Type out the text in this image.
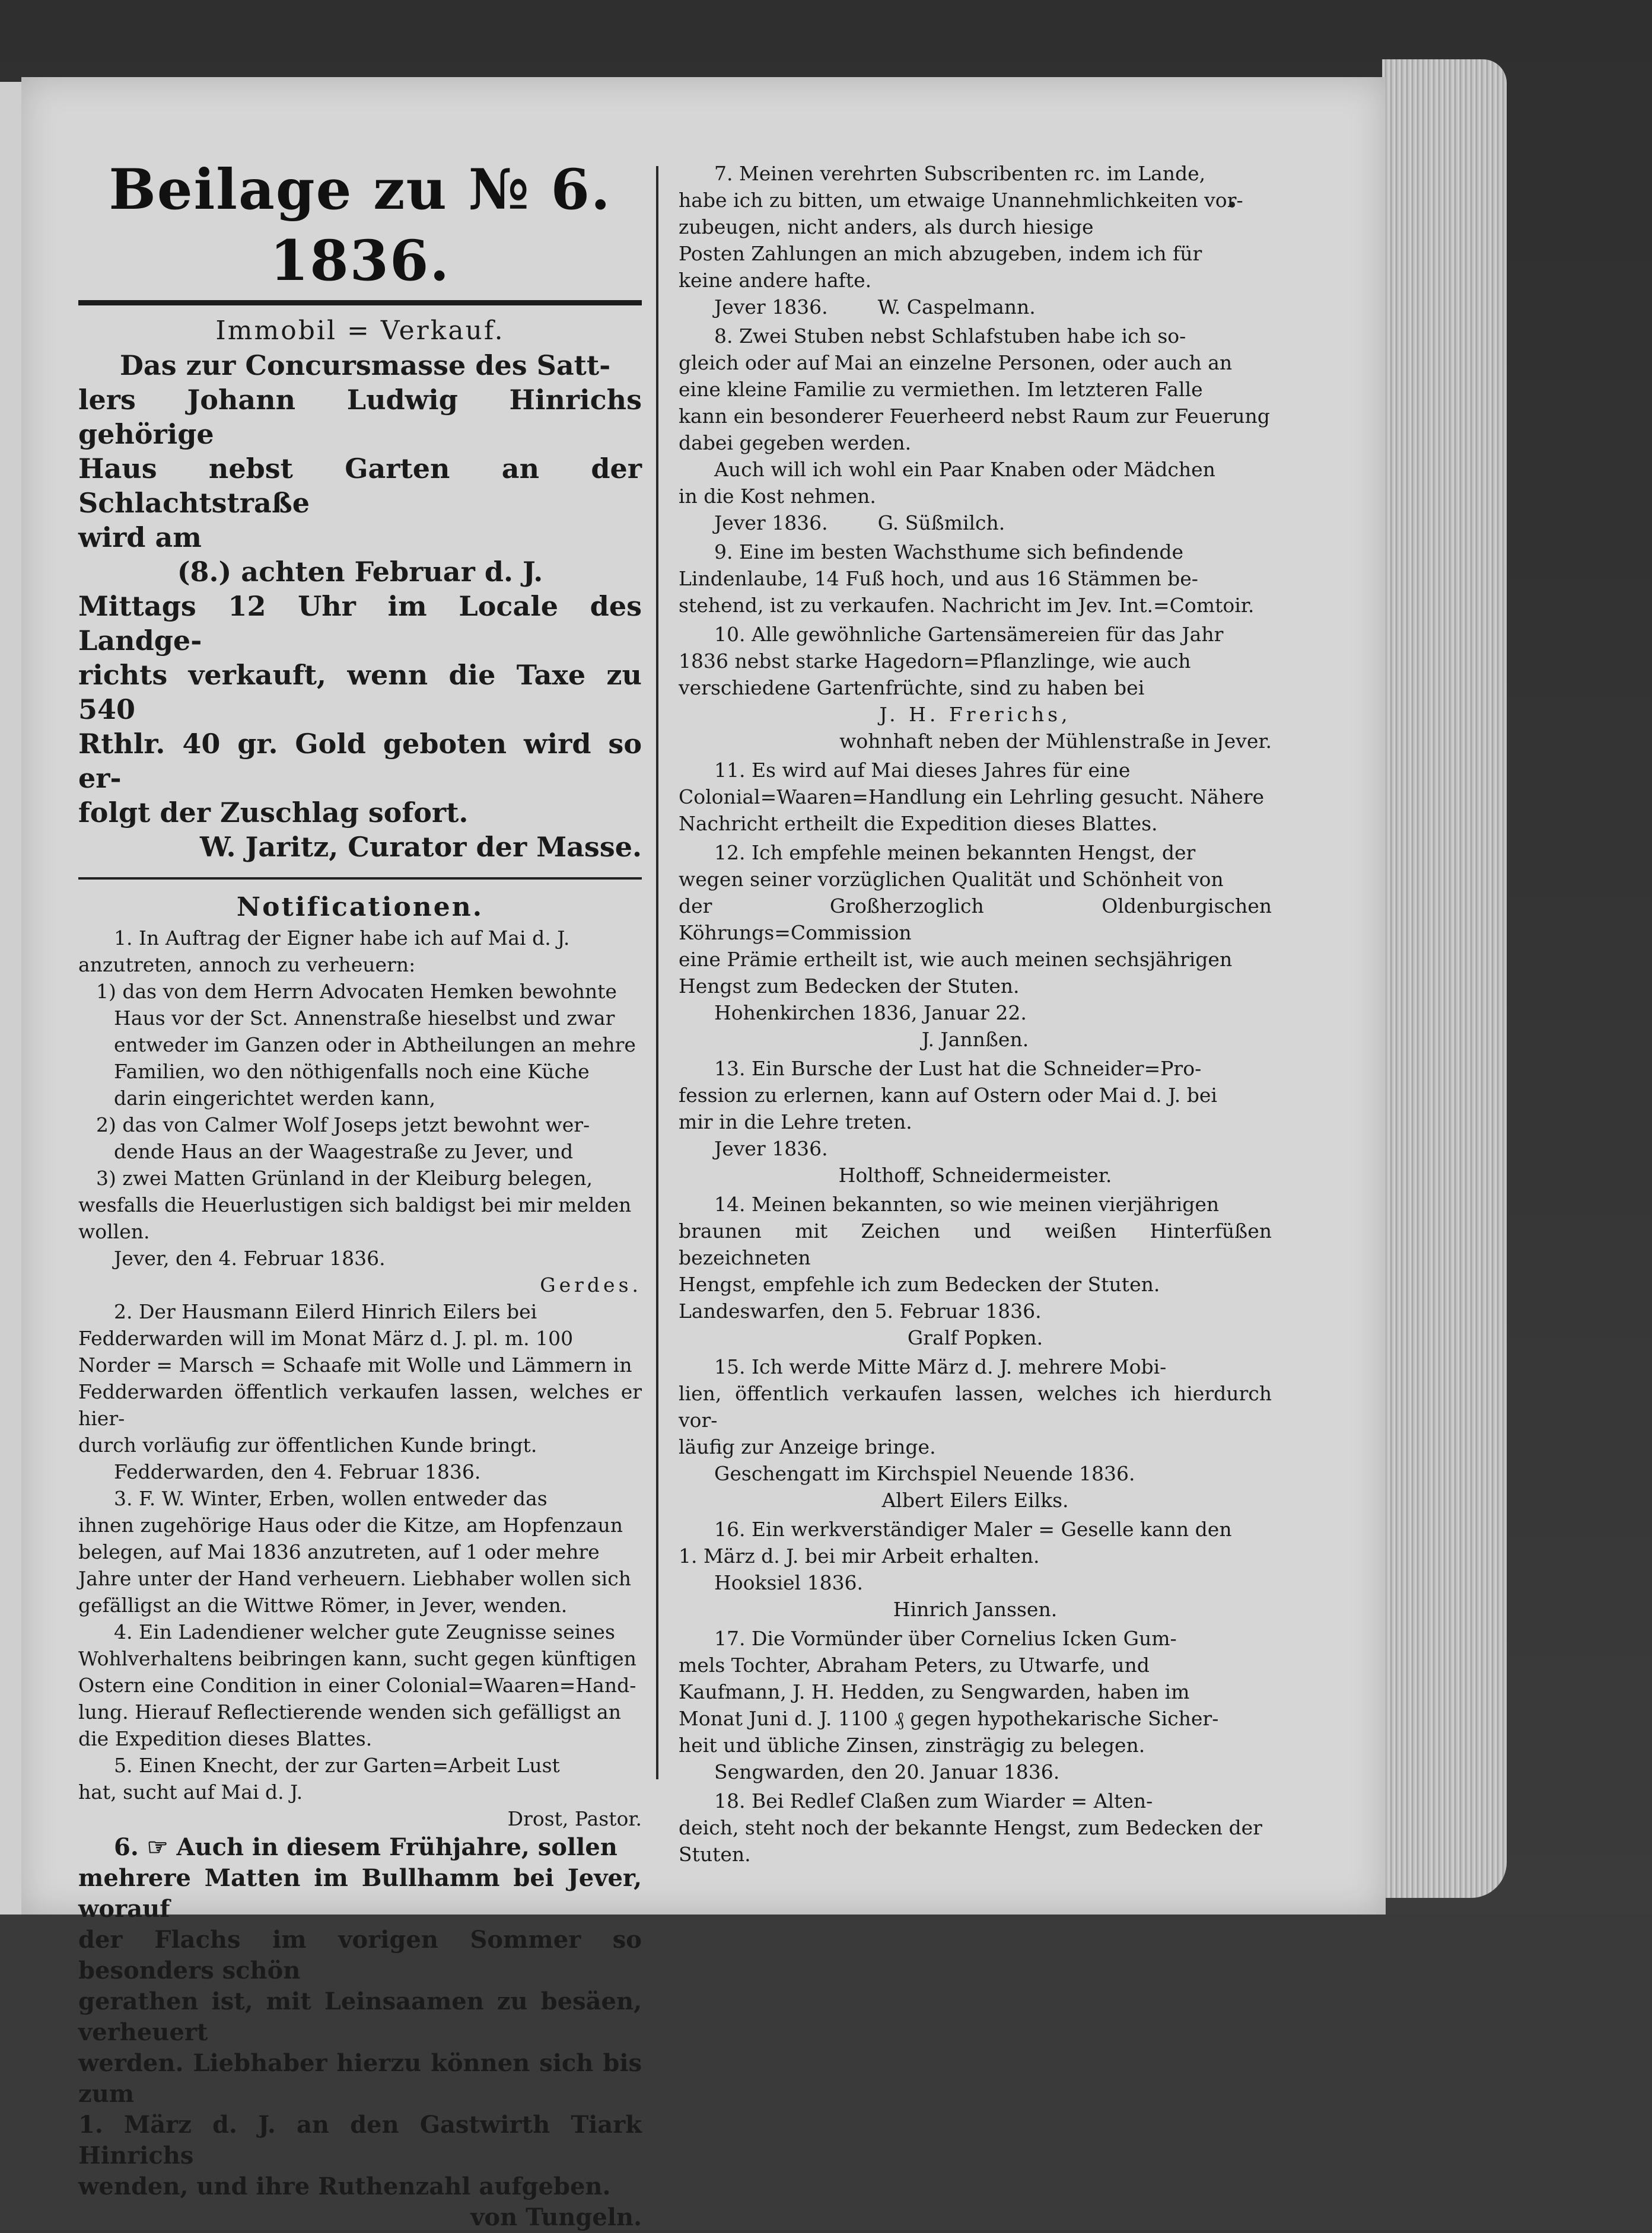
Beilage zu № 6. 1836.
Immobil = Verkauf.
Das zur Concursmasse des Satt-
lers Johann Ludwig Hinrichs gehörige
Haus nebst Garten an der Schlachtstraße
wird am
(8.) achten Februar d. J.
Mittags 12 Uhr im Locale des Landge-
richts verkauft, wenn die Taxe zu 540
Rthlr. 40 gr. Gold geboten wird so er-
folgt der Zuschlag sofort.
W. Jaritz, Curator der Masse.
Notificationen.
1. In Auftrag der Eigner habe ich auf Mai d. J.
anzutreten, annoch zu verheuern:
1) das von dem Herrn Advocaten Hemken bewohnte
Haus vor der Sct. Annenstraße hieselbst und zwar
entweder im Ganzen oder in Abtheilungen an mehre
Familien, wo den nöthigenfalls noch eine Küche
darin eingerichtet werden kann,
2) das von Calmer Wolf Joseps jetzt bewohnt wer-
dende Haus an der Waagestraße zu Jever, und
3) zwei Matten Grünland in der Kleiburg belegen,
wesfalls die Heuerlustigen sich baldigst bei mir melden
wollen.
Jever, den 4. Februar 1836.
Gerdes.
2. Der Hausmann Eilerd Hinrich Eilers bei
Fedderwarden will im Monat März d. J. pl. m. 100
Norder = Marsch = Schaafe mit Wolle und Lämmern in
Fedderwarden öffentlich verkaufen lassen, welches er hier-
durch vorläufig zur öffentlichen Kunde bringt.
Fedderwarden, den 4. Februar 1836.
3. F. W. Winter, Erben, wollen entweder das
ihnen zugehörige Haus oder die Kitze, am Hopfenzaun
belegen, auf Mai 1836 anzutreten, auf 1 oder mehre
Jahre unter der Hand verheuern. Liebhaber wollen sich
gefälligst an die Wittwe Römer, in Jever, wenden.
4. Ein Ladendiener welcher gute Zeugnisse seines
Wohlverhaltens beibringen kann, sucht gegen künftigen
Ostern eine Condition in einer Colonial=Waaren=Hand-
lung. Hierauf Reflectierende wenden sich gefälligst an
die Expedition dieses Blattes.
5. Einen Knecht, der zur Garten=Arbeit Lust
hat, sucht auf Mai d. J.
Drost, Pastor.
6. ☞ Auch in diesem Frühjahre, sollen
mehrere Matten im Bullhamm bei Jever, worauf
der Flachs im vorigen Sommer so besonders schön
gerathen ist, mit Leinsaamen zu besäen, verheuert
werden. Liebhaber hierzu können sich bis zum
1. März d. J. an den Gastwirth Tiark Hinrichs
wenden, und ihre Ruthenzahl aufgeben.
von Tungeln.
7. Meinen verehrten Subscribenten rc. im Lande,
habe ich zu bitten, um etwaige Unannehmlichkeiten vor-
zubeugen, nicht anders, als durch hiesige
Posten Zahlungen an mich abzugeben, indem ich für
keine andere hafte.
Jever 1836.        W. Caspelmann.
8. Zwei Stuben nebst Schlafstuben habe ich so-
gleich oder auf Mai an einzelne Personen, oder auch an
eine kleine Familie zu vermiethen. Im letzteren Falle
kann ein besonderer Feuerheerd nebst Raum zur Feuerung
dabei gegeben werden.
Auch will ich wohl ein Paar Knaben oder Mädchen
in die Kost nehmen.
Jever 1836.        G. Süßmilch.
9. Eine im besten Wachsthume sich befindende
Lindenlaube, 14 Fuß hoch, und aus 16 Stämmen be-
stehend, ist zu verkaufen. Nachricht im Jev. Int.=Comtoir.
10. Alle gewöhnliche Gartensämereien für das Jahr
1836 nebst starke Hagedorn=Pflanzlinge, wie auch
verschiedene Gartenfrüchte, sind zu haben bei
J. H. Frerichs,
wohnhaft neben der Mühlenstraße in Jever.
11. Es wird auf Mai dieses Jahres für eine
Colonial=Waaren=Handlung ein Lehrling gesucht. Nähere
Nachricht ertheilt die Expedition dieses Blattes.
12. Ich empfehle meinen bekannten Hengst, der
wegen seiner vorzüglichen Qualität und Schönheit von
der Großherzoglich Oldenburgischen Köhrungs=Commission
eine Prämie ertheilt ist, wie auch meinen sechsjährigen
Hengst zum Bedecken der Stuten.
Hohenkirchen 1836, Januar 22.
J. Jannßen.
13. Ein Bursche der Lust hat die Schneider=Pro-
fession zu erlernen, kann auf Ostern oder Mai d. J. bei
mir in die Lehre treten.
Jever 1836.
Holthoff, Schneidermeister.
14. Meinen bekannten, so wie meinen vierjährigen
braunen mit Zeichen und weißen Hinterfüßen bezeichneten
Hengst, empfehle ich zum Bedecken der Stuten.
Landeswarfen, den 5. Februar 1836.
Gralf Popken.
15. Ich werde Mitte März d. J. mehrere Mobi-
lien, öffentlich verkaufen lassen, welches ich hierdurch vor-
läufig zur Anzeige bringe.
Geschengatt im Kirchspiel Neuende 1836.
Albert Eilers Eilks.
16. Ein werkverständiger Maler = Geselle kann den
1. März d. J. bei mir Arbeit erhalten.
Hooksiel 1836.
Hinrich Janssen.
17. Die Vormünder über Cornelius Icken Gum-
mels Tochter, Abraham Peters, zu Utwarfe, und
Kaufmann, J. H. Hedden, zu Sengwarden, haben im
Monat Juni d. J. 1100 ₰ gegen hypothekarische Sicher-
heit und übliche Zinsen, zinsträgig zu belegen.
Sengwarden, den 20. Januar 1836.
18. Bei Redlef Claßen zum Wiarder = Alten-
deich, steht noch der bekannte Hengst, zum Bedecken der
Stuten.
